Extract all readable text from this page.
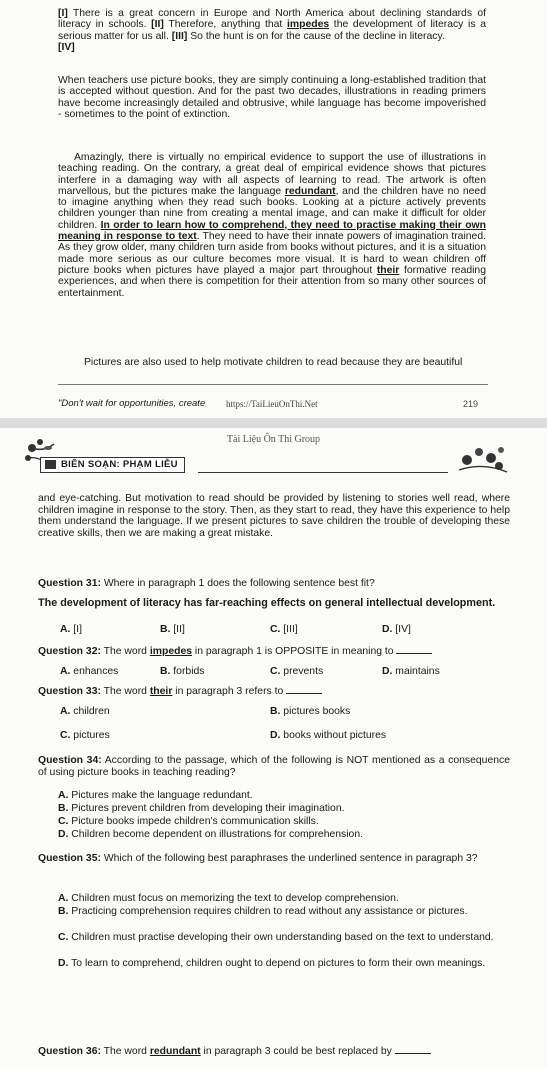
[I] There is a great concern in Europe and North America about declining standards of literacy in schools. [II] Therefore, anything that impedes the development of literacy is a serious matter for us all. [III] So the hunt is on for the cause of the decline in literacy.
[IV]
When teachers use picture books, they are simply continuing a long-established tradition that is accepted without question. And for the past two decades, illustrations in reading primers have become increasingly detailed and obtrusive, while language has become impoverished - sometimes to the point of extinction.
Amazingly, there is virtually no empirical evidence to support the use of illustrations in teaching reading. On the contrary, a great deal of empirical evidence shows that pictures interfere in a damaging way with all aspects of learning to read. The artwork is often marvellous, but the pictures make the language redundant, and the children have no need to imagine anything when they read such books. Looking at a picture actively prevents children younger than nine from creating a mental image, and can make it difficult for older children. In order to learn how to comprehend, they need to practise making their own meaning in response to text. They need to have their innate powers of imagination trained. As they grow older, many children turn aside from books without pictures, and it is a situation made more serious as our culture becomes more visual. It is hard to wean children off picture books when pictures have played a major part throughout their formative reading experiences, and when there is competition for their attention from so many other sources of entertainment.
Pictures are also used to help motivate children to read because they are beautiful
"Don't wait for opportunities, create https://TaiLieuOnThi.Net	219
Tài Liệu Ôn Thi Group
BIÊN SOẠN: PHẠM LIỄU
and eye-catching. But motivation to read should be provided by listening to stories well read, where children imagine in response to the story. Then, as they start to read, they have this experience to help them understand the language. If we present pictures to save children the trouble of developing these creative skills, then we are making a great mistake.
Question 31: Where in paragraph 1 does the following sentence best fit?
The development of literacy has far-reaching effects on general intellectual development.
A. [I]	B. [II]	C. [III]	D. [IV]
Question 32: The word impedes in paragraph 1 is OPPOSITE in meaning to
A. enhances	B. forbids	C. prevents	D. maintains
Question 33: The word their in paragraph 3 refers to
A. children	B. pictures books
C. pictures	D. books without pictures
Question 34: According to the passage, which of the following is NOT mentioned as a consequence of using picture books in teaching reading?
A. Pictures make the language redundant.
B. Pictures prevent children from developing their imagination.
C. Picture books impede children's communication skills.
D. Children become dependent on illustrations for comprehension.
Question 35: Which of the following best paraphrases the underlined sentence in paragraph 3?
A. Children must focus on memorizing the text to develop comprehension.
B. Practicing comprehension requires children to read without any assistance or pictures.
C. Children must practise developing their own understanding based on the text to understand.
D. To learn to comprehend, children ought to depend on pictures to form their own meanings.
Question 36: The word redundant in paragraph 3 could be best replaced by
